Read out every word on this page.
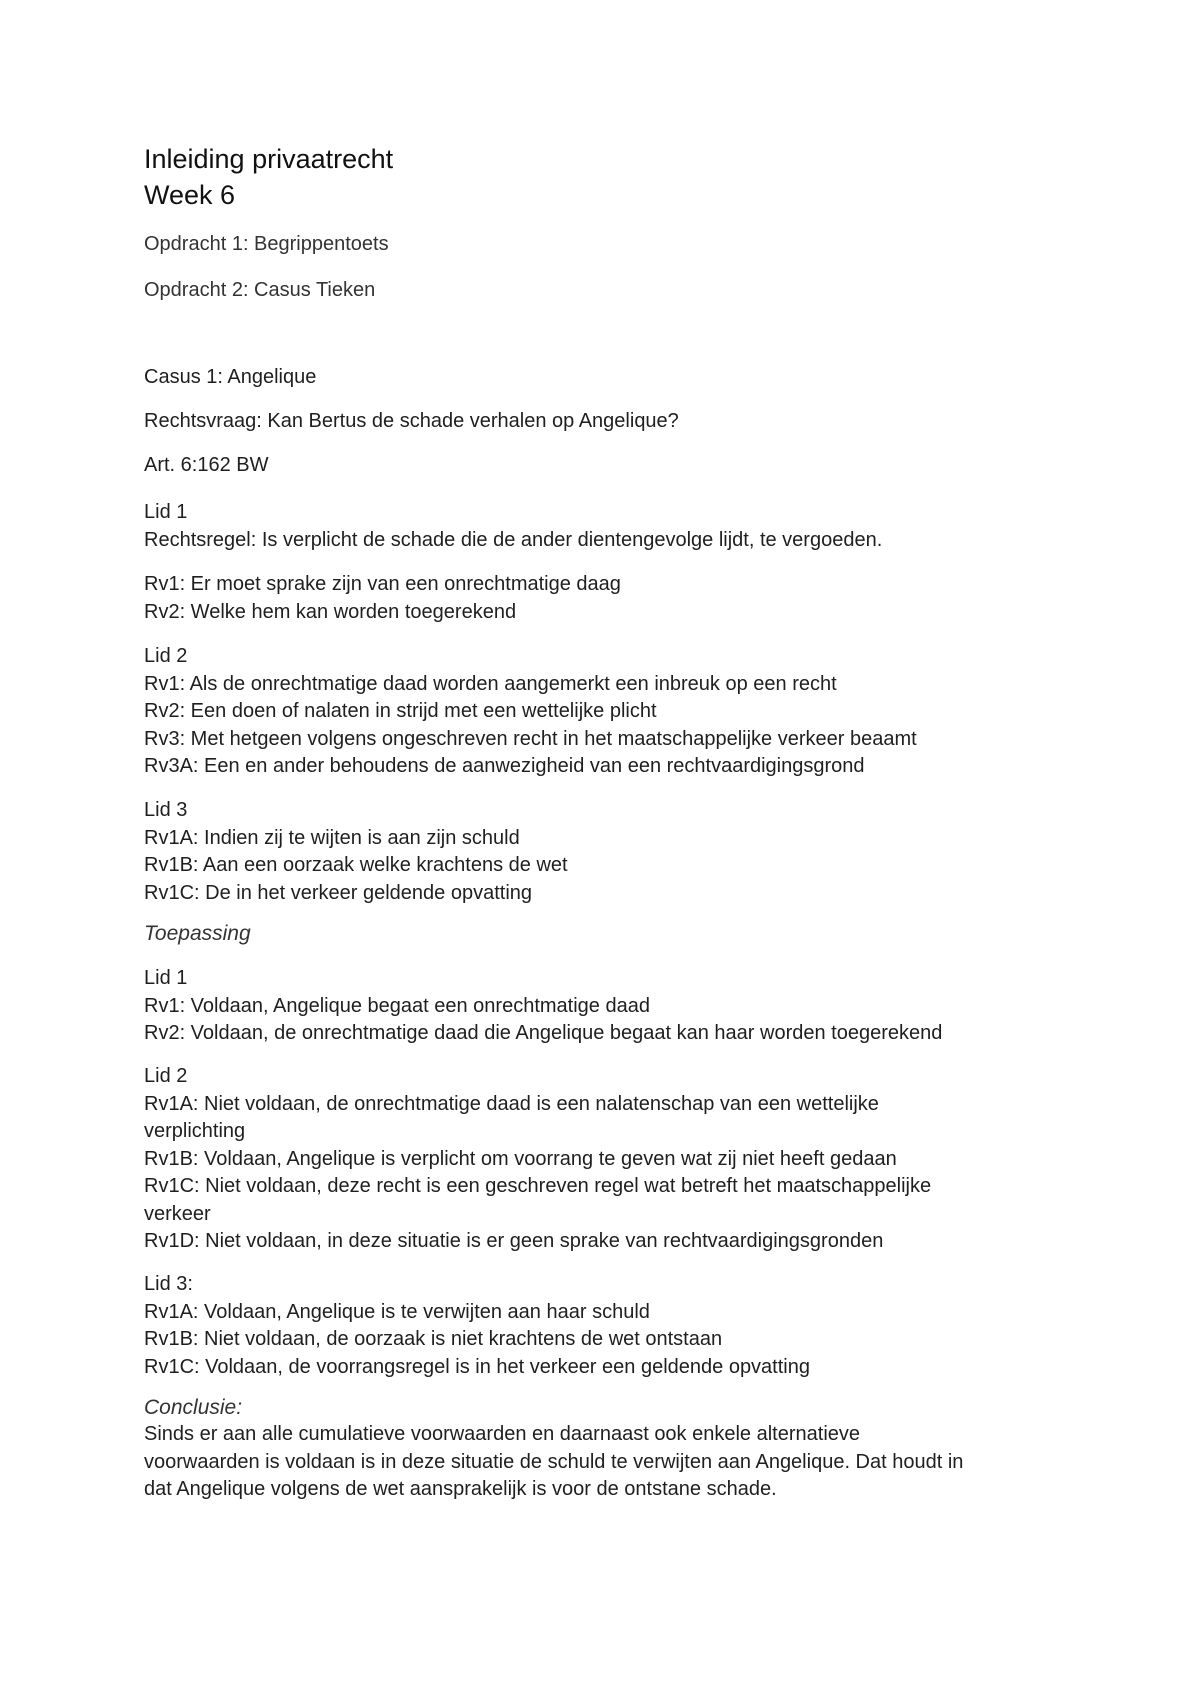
Inleiding privaatrecht

Week 6

Opdracht 1: Begrippentoets

Opdracht 2: Casus Tieken

Casus 1: Angelique

Rechtsvraag: Kan Bertus de schade verhalen op Angelique?

Art. 6:162 BW

Lid 1

Rechtsregel: Is verplicht de schade die de ander dientengevolge lijdt, te vergoeden.

Rv1: Er moet sprake zijn van een onrechtmatige daag

Rv2: Welke hem kan worden toegerekend

Lid 2

Rv1: Als de onrechtmatige daad worden aangemerkt een inbreuk op een recht

Rv2: Een doen of nalaten in strijd met een wettelijke plicht

Rv3: Met hetgeen volgens ongeschreven recht in het maatschappelijke verkeer beaamt

Rv3A: Een en ander behoudens de aanwezigheid van een rechtvaardigingsgrond

Lid 3

Rv1A: Indien zij te wijten is aan zijn schuld

Rv1B: Aan een oorzaak welke krachtens de wet

Rv1C: De in het verkeer geldende opvatting

Toepassing

Lid 1

Rv1: Voldaan, Angelique begaat een onrechtmatige daad

Rv2: Voldaan, de onrechtmatige daad die Angelique begaat kan haar worden toegerekend

Lid 2

Rv1A: Niet voldaan, de onrechtmatige daad is een nalatenschap van een wettelijke

verplichting

Rv1B: Voldaan, Angelique is verplicht om voorrang te geven wat zij niet heeft gedaan

Rv1C: Niet voldaan, deze recht is een geschreven regel wat betreft het maatschappelijke

verkeer

Rv1D: Niet voldaan, in deze situatie is er geen sprake van rechtvaardigingsgronden

Lid 3:

Rv1A: Voldaan, Angelique is te verwijten aan haar schuld

Rv1B: Niet voldaan, de oorzaak is niet krachtens de wet ontstaan

Rv1C: Voldaan, de voorrangsregel is in het verkeer een geldende opvatting

Conclusie:

Sinds er aan alle cumulatieve voorwaarden en daarnaast ook enkele alternatieve

voorwaarden is voldaan is in deze situatie de schuld te verwijten aan Angelique. Dat houdt in

dat Angelique volgens de wet aansprakelijk is voor de ontstane schade.
